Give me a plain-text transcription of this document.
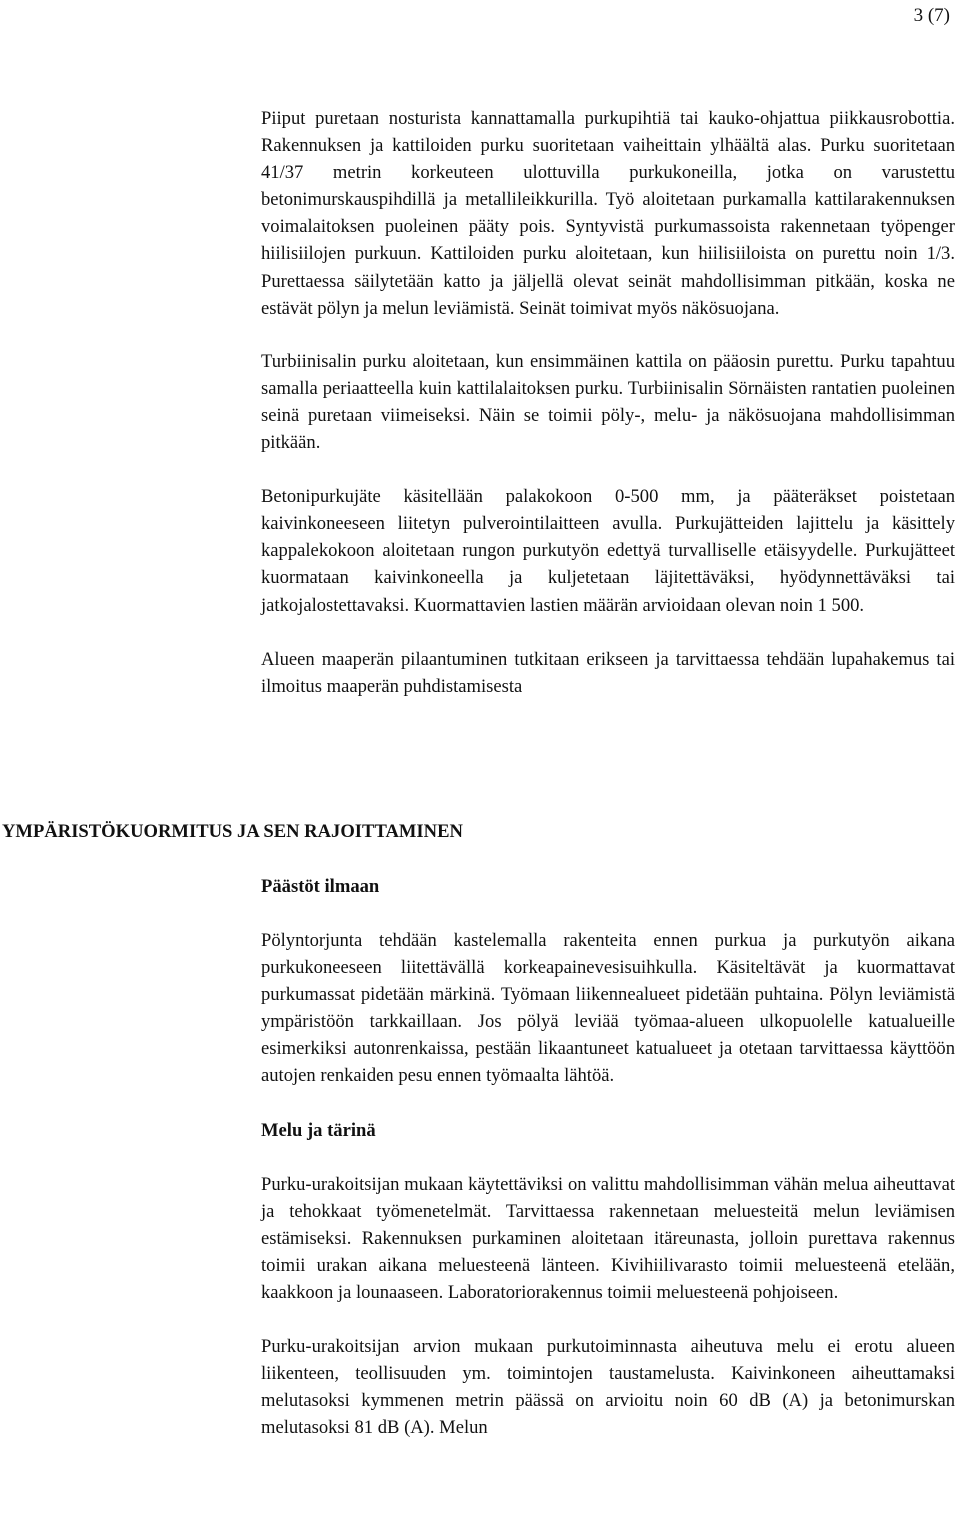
3 (7)

Piiput puretaan nosturista kannattamalla purkupihtiä tai kauko-ohjattua piikkausrobottia. Rakennuksen ja kattiloiden purku suoritetaan vaiheittain ylhäältä alas. Purku suoritetaan 41/37 metrin korkeuteen ulottuvilla purkukoneilla, jotka on varustettu betonimurskauspihdillä ja metallileikkurilla. Työ aloitetaan purkamalla kattilarakennuksen voimalaitoksen puoleinen pääty pois. Syntyvistä purkumassoista rakennetaan työpenger hiilisiilojen purkuun. Kattiloiden purku aloitetaan, kun hiilisiiloista on purettu noin 1/3. Purettaessa säilytetään katto ja jäljellä olevat seinät mahdollisimman pitkään, koska ne estävät pölyn ja melun leviämistä. Seinät toimivat myös näkösuojana.

Turbiinisalin purku aloitetaan, kun ensimmäinen kattila on pääosin purettu. Purku tapahtuu samalla periaatteella kuin kattilalaitoksen purku. Turbiinisalin Sörnäisten rantatien puoleinen seinä puretaan viimeiseksi. Näin se toimii pöly-, melu- ja näkösuojana mahdollisimman pitkään.

Betonipurkujäte käsitellään palakokoon 0-500 mm, ja pääteräkset poistetaan kaivinkoneeseen liitetyn pulverointilaitteen avulla. Purkujätteiden lajittelu ja käsittely kappalekokoon aloitetaan rungon purkutyön edettyä turvalliselle etäisyydelle. Purkujätteet kuormataan kaivinkoneella ja kuljetetaan läjitettäväksi, hyödynnettäväksi tai jatkojalostettavaksi. Kuormattavien lastien määrän arvioidaan olevan noin 1 500.

Alueen maaperän pilaantuminen tutkitaan erikseen ja tarvittaessa tehdään lupahakemus tai ilmoitus maaperän puhdistamisesta

YMPÄRISTÖKUORMITUS JA SEN RAJOITTAMINEN
Päästöt ilmaan

Pölyntorjunta tehdään kastelemalla rakenteita ennen purkua ja purkutyön aikana purkukoneeseen liitettävällä korkeapainevesisuihkulla. Käsiteltävät ja kuormattavat purkumassat pidetään märkinä. Työmaan liikennealueet pidetään puhtaina. Pölyn leviämistä ympäristöön tarkkaillaan. Jos pölyä leviää työmaa-alueen ulkopuolelle katualueille esimerkiksi autonrenkaissa, pestään likaantuneet katualueet ja otetaan tarvittaessa käyttöön autojen renkaiden pesu ennen työmaalta lähtöä.

Melu ja tärinä

Purku-urakoitsijan mukaan käytettäviksi on valittu mahdollisimman vähän melua aiheuttavat ja tehokkaat työmenetelmät. Tarvittaessa rakennetaan meluesteitä melun leviämisen estämiseksi. Rakennuksen purkaminen aloitetaan itäreunasta, jolloin purettava rakennus toimii urakan aikana meluesteenä länteen. Kivihiilivarasto toimii meluesteenä etelään, kaakkoon ja lounaaseen. Laboratoriorakennus toimii meluesteenä pohjoiseen.

Purku-urakoitsijan arvion mukaan purkutoiminnasta aiheutuva melu ei erotu alueen liikenteen, teollisuuden ym. toimintojen taustamelusta. Kaivinkoneen aiheuttamaksi melutasoksi kymmenen metrin päässä on arvioitu noin 60 dB (A) ja betonimurskan melutasoksi 81 dB (A). Melun
